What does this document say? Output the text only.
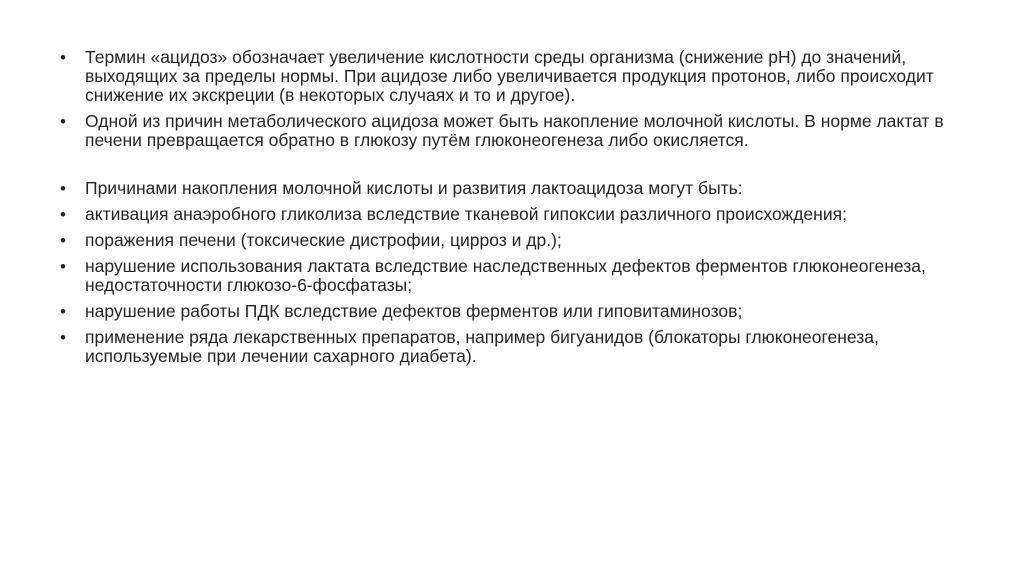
• Термин «ацидоз» обозначает увеличение кислотности среды организма (снижение рН) до значений, выходящих за пределы нормы. При ацидозе либо увеличивается продукция протонов, либо происходит снижение их экскреции (в некоторых случаях и то и другое).
• Одной из причин метаболического ацидоза может быть накопление молочной кислоты. В норме лактат в печени превращается обратно в глюкозу путём глюконеогенеза либо окисляется.
• Причинами накопления молочной кислоты и развития лактоацидоза могут быть:
• активация анаэробного гликолиза вследствие тканевой гипоксии различного происхождения;
• поражения печени (токсические дистрофии, цирроз и др.);
• нарушение использования лактата вследствие наследственных дефектов ферментов глюконеогенеза, недостаточности глюкозо-6-фосфатазы;
• нарушение работы ПДК вследствие дефектов ферментов или гиповитаминозов;
• применение ряда лекарственных препаратов, например бигуанидов (блокаторы глюконеогенеза, используемые при лечении сахарного диабета).
